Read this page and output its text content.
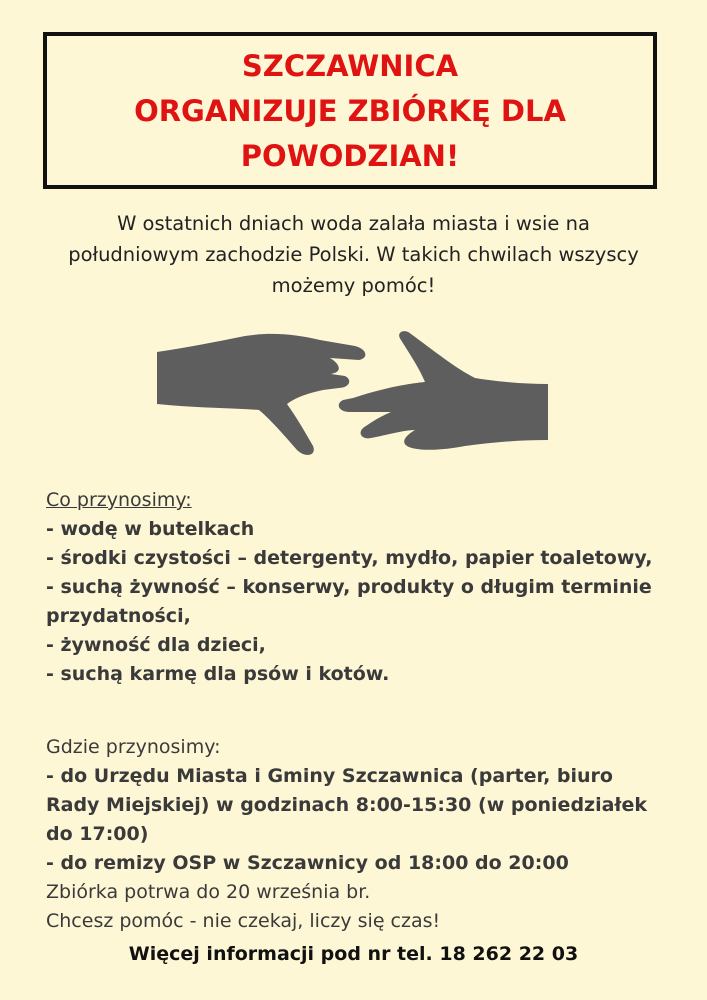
SZCZAWNICA
ORGANIZUJE ZBIÓRKĘ DLA
POWODZIAN!
W ostatnich dniach woda zalała miasta i wsie na
południowym zachodzie Polski. W takich chwilach wszyscy
możemy pomóc!
Co przynosimy:
- wodę w butelkach
- środki czystości – detergenty, mydło, papier toaletowy,
- suchą żywność – konserwy, produkty o długim terminie
przydatności,
- żywność dla dzieci,
- suchą karmę dla psów i kotów.
Gdzie przynosimy:
- do Urzędu Miasta i Gminy Szczawnica (parter, biuro
Rady Miejskiej) w godzinach 8:00-15:30 (w poniedziałek
do 17:00)
- do remizy OSP w Szczawnicy od 18:00 do 20:00
Zbiórka potrwa do 20 września br.
Chcesz pomóc - nie czekaj, liczy się czas!
Więcej informacji pod nr tel. 18 262 22 03
